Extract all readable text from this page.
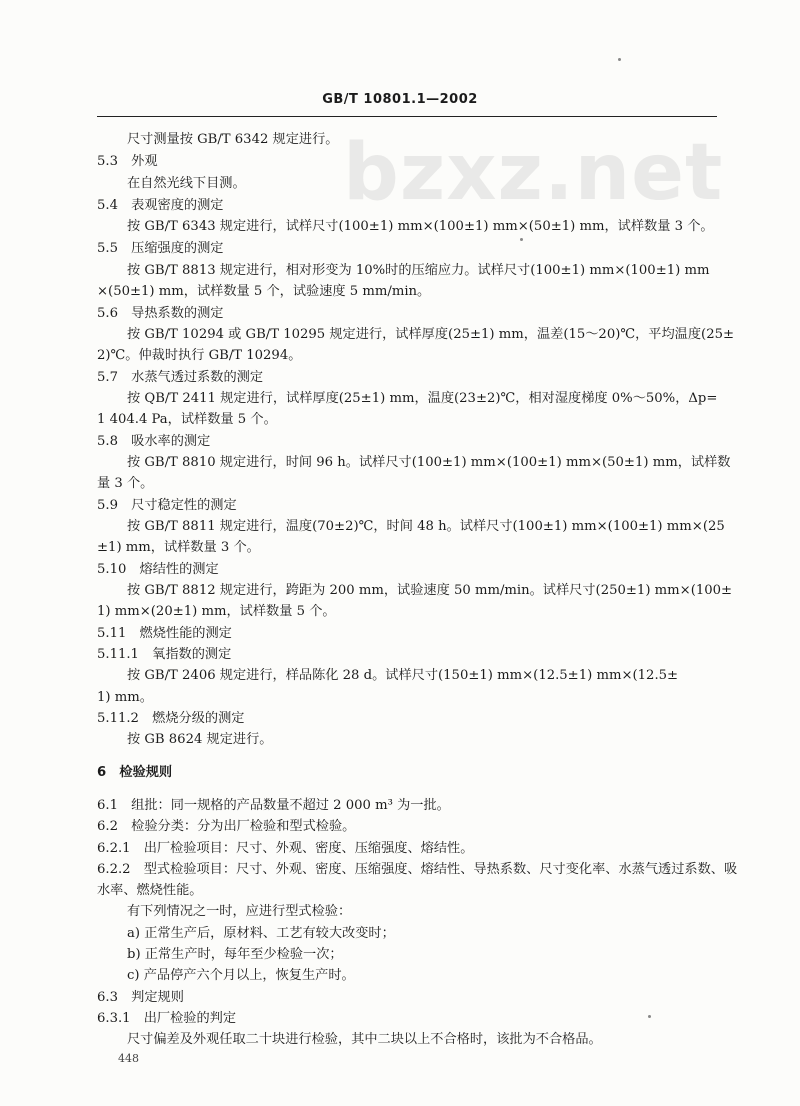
bzxz.net
GB/T 10801.1—2002
尺寸测量按 GB/T 6342 规定进行。
5.3　外观
在自然光线下目测。
5.4　表观密度的测定
按 GB/T 6343 规定进行，试样尺寸(100±1) mm×(100±1) mm×(50±1) mm，试样数量 3 个。
5.5　压缩强度的测定
按 GB/T 8813 规定进行，相对形变为 10%时的压缩应力。试样尺寸(100±1) mm×(100±1) mm
×(50±1) mm，试样数量 5 个，试验速度 5 mm/min。
5.6　导热系数的测定
按 GB/T 10294 或 GB/T 10295 规定进行，试样厚度(25±1) mm，温差(15～20)℃，平均温度(25±
2)℃。仲裁时执行 GB/T 10294。
5.7　水蒸气透过系数的测定
按 QB/T 2411 规定进行，试样厚度(25±1) mm，温度(23±2)℃，相对湿度梯度 0%～50%，Δp=
1 404.4 Pa，试样数量 5 个。
5.8　吸水率的测定
按 GB/T 8810 规定进行，时间 96 h。试样尺寸(100±1) mm×(100±1) mm×(50±1) mm，试样数
量 3 个。
5.9　尺寸稳定性的测定
按 GB/T 8811 规定进行，温度(70±2)℃，时间 48 h。试样尺寸(100±1) mm×(100±1) mm×(25
±1) mm，试样数量 3 个。
5.10　熔结性的测定
按 GB/T 8812 规定进行，跨距为 200 mm，试验速度 50 mm/min。试样尺寸(250±1) mm×(100±
1) mm×(20±1) mm，试样数量 5 个。
5.11　燃烧性能的测定
5.11.1　氧指数的测定
按 GB/T 2406 规定进行，样品陈化 28 d。试样尺寸(150±1) mm×(12.5±1) mm×(12.5±
1) mm。
5.11.2　燃烧分级的测定
按 GB 8624 规定进行。
6　检验规则
6.1　组批：同一规格的产品数量不超过 2 000 m³ 为一批。
6.2　检验分类：分为出厂检验和型式检验。
6.2.1　出厂检验项目：尺寸、外观、密度、压缩强度、熔结性。
6.2.2　型式检验项目：尺寸、外观、密度、压缩强度、熔结性、导热系数、尺寸变化率、水蒸气透过系数、吸
水率、燃烧性能。
有下列情况之一时，应进行型式检验：
a) 正常生产后，原材料、工艺有较大改变时；
b) 正常生产时，每年至少检验一次；
c) 产品停产六个月以上，恢复生产时。
6.3　判定规则
6.3.1　出厂检验的判定
尺寸偏差及外观任取二十块进行检验，其中二块以上不合格时，该批为不合格品。
448
